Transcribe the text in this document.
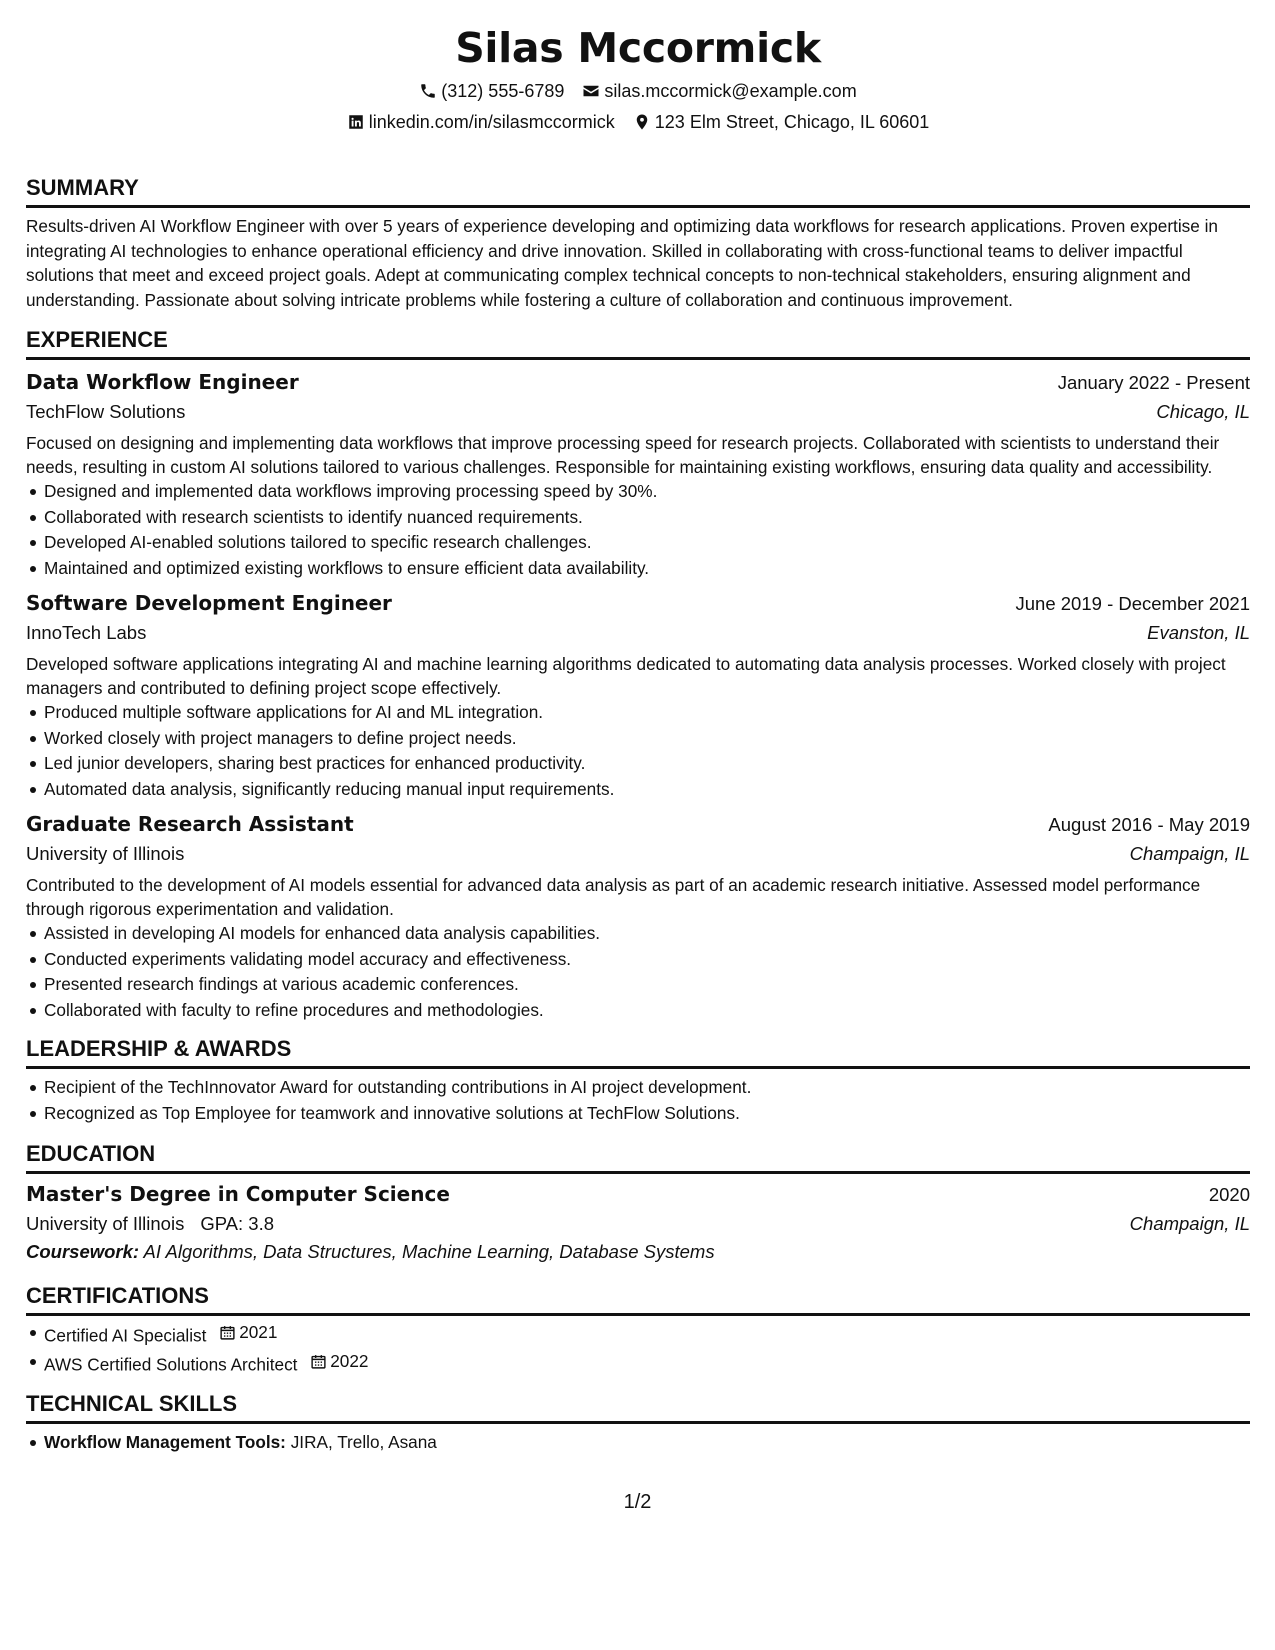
Silas Mccormick
(312) 555-6789 silas.mccormick@example.com
linkedin.com/in/silasmccormick 123 Elm Street, Chicago, IL 60601
SUMMARY
Results-driven AI Workflow Engineer with over 5 years of experience developing and optimizing data workflows for research applications. Proven expertise in integrating AI technologies to enhance operational efficiency and drive innovation. Skilled in collaborating with cross-functional teams to deliver impactful solutions that meet and exceed project goals. Adept at communicating complex technical concepts to non-technical stakeholders, ensuring alignment and understanding. Passionate about solving intricate problems while fostering a culture of collaboration and continuous improvement.
EXPERIENCE
Data Workflow Engineer	January 2022 - Present
TechFlow Solutions	Chicago, IL
Focused on designing and implementing data workflows that improve processing speed for research projects. Collaborated with scientists to understand their needs, resulting in custom AI solutions tailored to various challenges. Responsible for maintaining existing workflows, ensuring data quality and accessibility.
Designed and implemented data workflows improving processing speed by 30%.
Collaborated with research scientists to identify nuanced requirements.
Developed AI-enabled solutions tailored to specific research challenges.
Maintained and optimized existing workflows to ensure efficient data availability.
Software Development Engineer	June 2019 - December 2021
InnoTech Labs	Evanston, IL
Developed software applications integrating AI and machine learning algorithms dedicated to automating data analysis processes. Worked closely with project managers and contributed to defining project scope effectively.
Produced multiple software applications for AI and ML integration.
Worked closely with project managers to define project needs.
Led junior developers, sharing best practices for enhanced productivity.
Automated data analysis, significantly reducing manual input requirements.
Graduate Research Assistant	August 2016 - May 2019
University of Illinois	Champaign, IL
Contributed to the development of AI models essential for advanced data analysis as part of an academic research initiative. Assessed model performance through rigorous experimentation and validation.
Assisted in developing AI models for enhanced data analysis capabilities.
Conducted experiments validating model accuracy and effectiveness.
Presented research findings at various academic conferences.
Collaborated with faculty to refine procedures and methodologies.
LEADERSHIP & AWARDS
Recipient of the TechInnovator Award for outstanding contributions in AI project development.
Recognized as Top Employee for teamwork and innovative solutions at TechFlow Solutions.
EDUCATION
Master's Degree in Computer Science	2020
University of Illinois GPA: 3.8	Champaign, IL
Coursework: AI Algorithms, Data Structures, Machine Learning, Database Systems
CERTIFICATIONS
Certified AI Specialist 2021
AWS Certified Solutions Architect 2022
TECHNICAL SKILLS
Workflow Management Tools: JIRA, Trello, Asana
1/2
